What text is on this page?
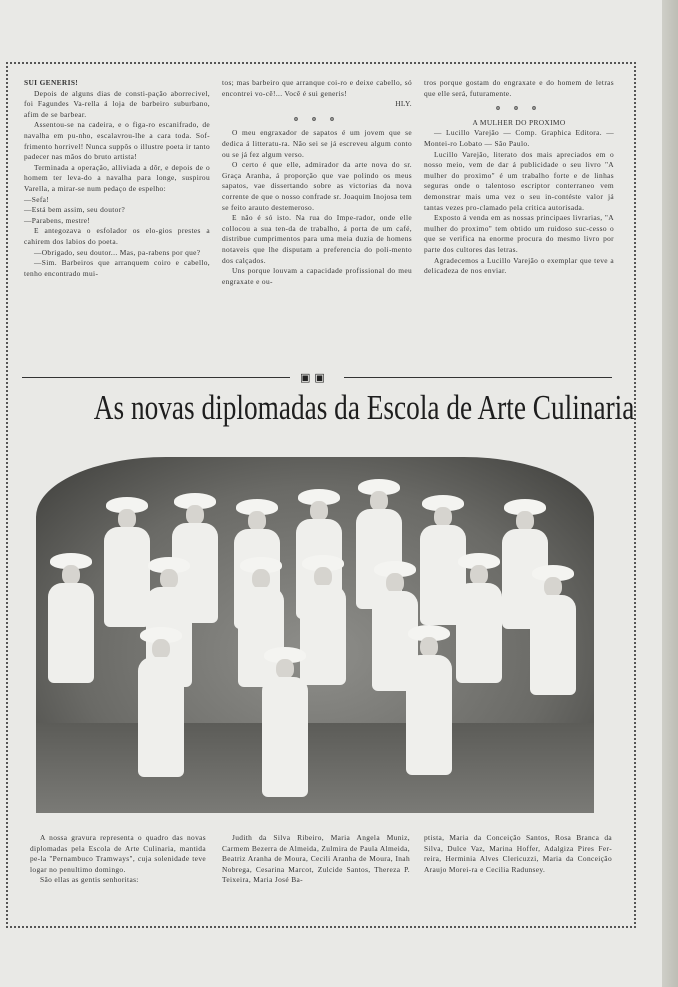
SUI GENERIS!

Depois de alguns dias de consti-pação aborrecivel, foi Fagundes Va-rella á loja de barbeiro suburbano, afim de se barbear.

Assentou-se na cadeira, e o figa-ro escanifrado, de navalha em pu-nho, escalavrou-lhe a cara toda. Sof-frimento horrivel! Nunca suppôs o illustre poeta ir tanto padecer nas mãos do bruto artista!

Terminada a operação, alliviada a dôr, e depois de o homem ter leva-do a navalha para longe, suspirou Varella, a mirar-se num pedaço de espelho:

—Sefa!

—Está bem assim, seu doutor?

—Parabens, mestre!

E antegozava o esfolador os elo-gios prestes a cahirem dos labios do poeta.

—Obrigado, seu doutor... Mas, pa-rabens por que?

—Sim. Barbeiros que arranquem coiro e cabello, tenho encontrado mui-

tos; mas barbeiro que arranque coi-ro e deixe cabello, só encontrei vo-cê!... Você é sui generis!

HLY.

o o o

O meu engraxador de sapatos é um jovem que se dedica á litteratu-ra. Não sei se já escreveu algum conto ou se já fez algum verso.

O certo é que elle, admirador da arte nova do sr. Graça Aranha, á proporção que vae polindo os meus sapatos, vae dissertando sobre as victorias da nova corrente de que o nosso confrade sr. Joaquim Inojosa tem se feito arauto destemeroso.

E não é só isto. Na rua do Impe-rador, onde elle collocou a sua ten-da de trabalho, á porta de um café, distribue cumprimentos para uma meia duzia de homens notaveis que lhe disputam a preferencia do poli-mento dos calçados.

Uns porque louvam a capacidade profissional do meu engraxate e ou-

tros porque gostam do engraxate e do homem de letras que elle será, futuramente.

o o o

A MULHER DO PROXIMO

— Lucillo Varejão — Comp. Graphica Editora. — Montei-ro Lobato — São Paulo.

Lucillo Varejão, literato dos mais apreciados em o nosso meio, vem de dar á publicidade o seu livro "A mulher do proximo" é um trabalho forte e de linhas seguras onde o talentoso escriptor conterraneo vem demonstrar mais uma vez o seu in-contéste valor já tantas vezes pro-clamado pela critica autorisada.

Exposto á venda em as nossas principaes livrarias, "A mulher do proximo" tem obtido um ruidoso suc-cesso o que se verifica na enorme procura do mesmo livro por parte dos cultores das letras.

Agradecemos a Lucillo Varejão o exemplar que teve a delicadeza de nos enviar.

▣▣
As novas diplomadas da Escola de Arte Culinaria

A nossa gravura representa o quadro das novas diplomadas pela Escola de Arte Culinaria, mantida pe-la "Pernambuco Tramways", cuja solenidade teve logar no penultimo domingo.

São ellas as gentis senhoritas:

Judith da Silva Ribeiro, Maria Angela Muniz, Carmem Bezerra de Almeida, Zulmira de Paula Almeida, Beatriz Aranha de Moura, Cecili Aranha de Moura, Inah Nobrega, Cesarina Marcot, Zulcide Santos, Thereza P. Teixeira, Maria José Ba-

ptista, Maria da Conceição Santos, Rosa Branca da Silva, Dulce Vaz, Marina Hoffer, Adalgiza Pires Fer-reira, Herminia Alves Clericuzzi, Maria da Conceição Araujo Morei-ra e Cecilia Radunsey.
